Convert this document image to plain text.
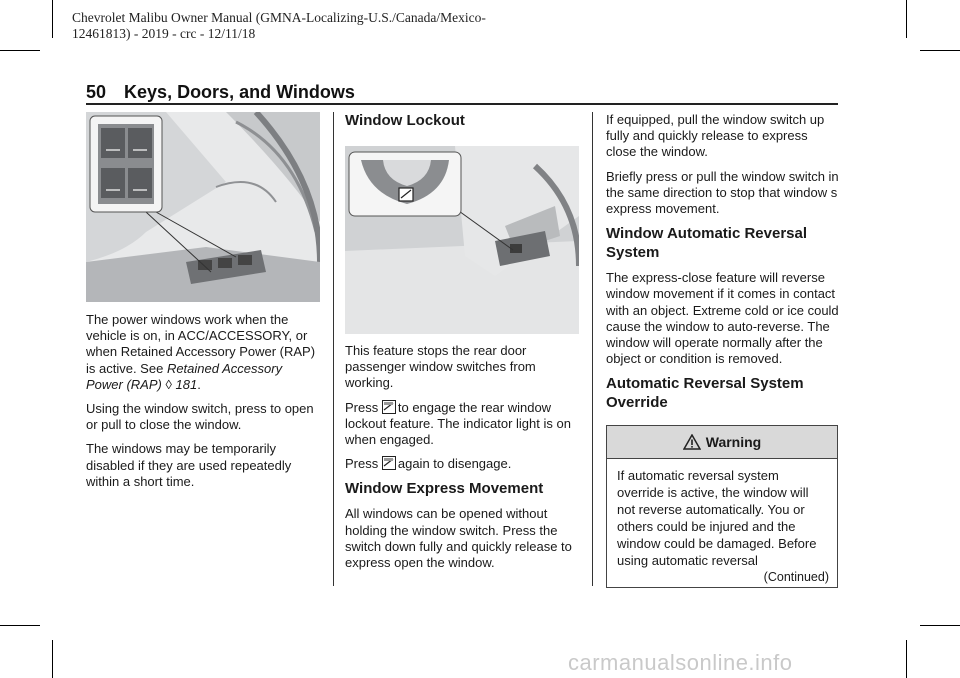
Chevrolet Malibu Owner Manual (GMNA-Localizing-U.S./Canada/Mexico-
12461813) - 2019 - crc - 12/11/18
50 Keys, Doors, and Windows

The power windows work when the vehicle is on, in ACC/ACCESSORY, or when Retained Accessory Power (RAP) is active. See Retained Accessory Power (RAP) ◊ 181.

Using the window switch, press to open or pull to close the window.

The windows may be temporarily disabled if they are used repeatedly within a short time.

Window Lockout

This feature stops the rear door passenger window switches from working.

Press to engage the rear window lockout feature. The indicator light is on when engaged.

Press again to disengage.

Window Express Movement

All windows can be opened without holding the window switch. Press the switch down fully and quickly release to express open the window.

If equipped, pull the window switch up fully and quickly release to express close the window.

Briefly press or pull the window switch in the same direction to stop that window s express movement.

Window Automatic Reversal System

The express-close feature will reverse window movement if it comes in contact with an object. Extreme cold or ice could cause the window to auto-reverse. The window will operate normally after the object or condition is removed.

Automatic Reversal System Override
Warning
If automatic reversal system override is active, the window will not reverse automatically. You or others could be injured and the window could be damaged. Before using automatic reversal
(Continued)
carmanualsonline.info
